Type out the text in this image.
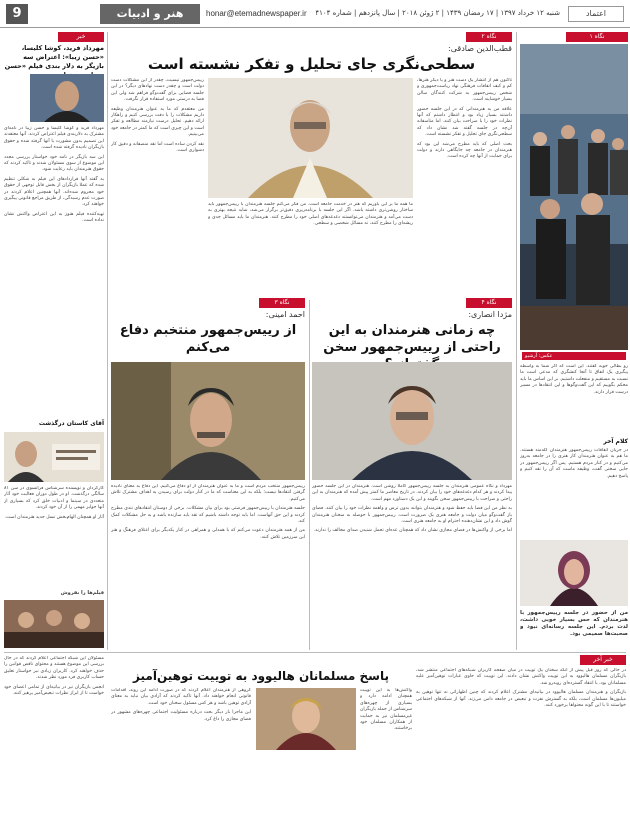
9	هنر و ادبیات	honar@etemadnewspaper.ir شنبه ۱۲ خرداد ۱۳۹۷ | ۱۷ رمضان ۱۴۳۹ | ۲ ژوئن ۲۰۱۸ | سال پانزدهم | شماره ۴۱۰۴	اعتماد
نگاه ۱
عکس: آرشیو

رو بطالی خوبه گفتند. این است که اگر شما به واسطه پیگیری یک اتفاق تا آنجا کنشگری که مدعی است ما نسبت به مستقیم و منفعلت داشتیم. بر این اساس ما باید محکم بگوییم که این گفت‌وگوها و این انتقادها در مسیر درست قرار دارند.

کلام آخر

در جریان اتفاقات رییس‌جمهور هنرمندان گله‌مند هستند. ما هم به عنوان هنرمندان کار هنری را در جامعه به‌روز می‌کنیم و در کنار مردم هستیم. پس اگر رییس‌جمهور در جایی سخنی گفت، وظیفه ماست که آن را نقد کنیم و پاسخ دهیم.

من از حضور در جلسه رییس‌جمهور با هنرمندان که حس بسیار خوبی داشت، لذت بردم. این جلسه رسانه‌ای نبود و صحبت‌ها صمیمی بود.

نگاه ۲
قطب‌الدین صادقی:
سطحی‌نگری جای تحلیل و تفکر نشسته است

تاکنون هم از انتشار یک دست هنر و یا دیگر هنرها، کم و کیف اتفاقات فرهنگی نهاد ریاست‌جمهوری و شخص رییس‌جمهور به شرکت کنندگان سالن بسیار خوشایند است.

علاقه من به هنرمندانی که در این جلسه حضور داشتند بسیار زیاد بود و انتظار داشتم که آنها نظرات خود را با صراحت بیان کنند. اما متاسفانه آن‌چه در جلسه گفته شد نشان داد که سطحی‌نگری جای تحلیل و تفکر نشسته است.

بحث اصلی که باید مطرح می‌شد این بود که هنرمندان در جامعه چه جایگاهی دارند و دولت برای حمایت از آنها چه کرده است.

ما همه ما بر این باوریم که هنر در خدمت جامعه است. من فکر می‌کنم جلسه هنرمندان با رییس‌جمهور باید ساختار روشن‌تری داشته باشد. اگر این جلسه با برنامه‌ریزی دقیق‌تر برگزار می‌شد، شاید نتیجه بهتری به دست می‌آمد و هنرمندان می‌توانستند دغدغه‌های اصلی خود را مطرح کنند. هنرمندان ما باید مسائل جدی و ریشه‌ای را مطرح کنند، نه مسائل شخصی و سطحی.

رییس‌جمهور تیسیت، چقدر از این مشکلات دست دولت است و چقدر دست نهادهای دیگر؟ در این جلسه فضایی برای گفت‌وگو فراهم شد ولی این فضا به درستی مورد استفاده قرار نگرفت.

من معتقدم که ما به عنوان هنرمندان وظیفه داریم مشکلات را با دقت بررسی کنیم و راهکار ارائه دهیم. تحلیل درست نیازمند مطالعه و تفکر است و این چیزی است که ما کمتر در جامعه خود می‌بینیم.

نقد کردن ساده است اما نقد منصفانه و دقیق کار دشواری است.

نگاه ۴
مژدا انصاری:
چه زمانی هنرمندان به این راحتی از رییس‌جمهور سخن

مهرداد و نگاه عمومی هنرمندان به جلسه رییس‌جمهور کاملا روشن است. هنرمندان در این جلسه حضور پیدا کردند و هر کدام دغدغه‌های خود را بیان کردند. در تاریخ معاصر ما کمتر پیش آمده که هنرمندان به این راحتی و صراحت با رییس‌جمهور سخن بگویند و این یک دستاورد مهم است.

به نظر من این فضا باید حفظ شود و هنرمندان بتوانند بدون ترس و واهمه نظرات خود را بیان کنند. فضای باز گفت‌وگو میان دولت و جامعه هنری یک ضرورت است. رییس‌جمهور با حوصله به سخنان هنرمندان گوش داد و این نشان‌دهنده احترام او به جامعه هنری است.

اما برخی از واکنش‌ها در فضای مجازی نشان داد که همچنان عده‌ای تحمل شنیدن صدای مخالف را ندارند.

نگاه ۳
احمد امینی:
از رییس‌جمهور منتخبم دفاع می‌کنم

رییس‌جمهور منتخب مردم است و ما به عنوان هنرمندان از او دفاع می‌کنیم. این دفاع به معنای نادیده گرفتن انتقادها نیست؛ بلکه به این معناست که ما در کنار دولت برای رسیدن به اهداف مشترک تلاش می‌کنیم.

جلسه هنرمندان با رییس‌جمهور فرصتی بود برای بیان مشکلات. برخی از دوستان انتقادهای تندی مطرح کردند و این حق آنهاست. اما باید توجه داشته باشیم که نقد باید سازنده باشد و به حل مشکلات کمک کند.

من از همه هنرمندان دعوت می‌کنم که با همدلی و همراهی در کنار یکدیگر برای اعتلای فرهنگ و هنر این سرزمین تلاش کنند.

خبر
مهرداد فرید، کوشا کلیسا، «حسن زیبا»: اعتراض سه بازیگر به دلار بندی فیلم «حسن

مهرداد فرید و کوشا کلیسا و حسن زیبا در نامه‌ای مشترک به دلاربندی فیلم اعتراض کردند. آنها معتقدند این تصمیم بدون مشورت با آنها گرفته شده و حقوق بازیگران نادیده گرفته شده است.

این سه بازیگر در نامه خود خواستار بررسی مجدد این موضوع از سوی مسئولان شدند و تاکید کردند که حقوق هنرمندان باید رعایت شود.

به گفته آنها قراردادهای این فیلم به شکلی تنظیم شده که عملا بازیگران از بخش قابل توجهی از حقوق خود محروم شده‌اند. آنها همچنین اعلام کردند در صورت عدم رسیدگی، از طریق مراجع قانونی پیگیری خواهند کرد.

تهیه‌کننده فیلم هنوز به این اعتراض واکنش نشان نداده است.

آقای کاستان درگذشت

کارگردان و نویسنده سرشناس فرانسوی در سن ۸۱ سالگی درگذشت. او در طول دوران فعالیت خود آثار متعددی در سینما و ادبیات خلق کرد که بسیاری از آنها جوایز مهمی را از آن خود کردند.

آثار او همچنان الهام‌بخش نسل جدید هنرمندان است.

فیلم‌ها را بفروش
خبر آخر
پاسخ مسلمانان هالیوود به توییت توهین‌آمیز	در حالی که روز قبل پیش از آنکه سخنان یک توییت در میان صفحه کاربران شبکه‌های اجتماعی منتشر شد، بازیگران مسلمان هالیوود به این توییت واکنش نشان دادند. این توییت که حاوی عبارات توهین‌آمیز علیه مسلمانان بود، با انتقاد گسترده‌ای روبه‌رو شد.

بازیگران و هنرمندان مسلمان هالیوود در بیانیه‌ای مشترک اعلام کردند که چنین اظهاراتی نه تنها توهین به میلیون‌ها مسلمان است، بلکه به گسترش نفرت و تبعیض در جامعه دامن می‌زند. آنها از شبکه‌های اجتماعی خواستند تا با این گونه محتواها برخورد کنند.

واکنش‌ها به این توییت همچنان ادامه دارد و بسیاری از چهره‌های سرشناس از جمله بازیگران غیرمسلمان نیز به حمایت از همکاران مسلمان خود برخاستند.

گروهی از هنرمندان اعلام کردند که در صورت ادامه این روند، اقدامات قانونی انجام خواهند داد. آنها تاکید کردند که آزادی بیان نباید به معنای آزادی توهین باشد و هر کس مسئول سخنان خود است.

این ماجرا بار دیگر بحث درباره مسئولیت اجتماعی چهره‌های مشهور در فضای مجازی را داغ کرد.

مسئولان این شبکه اجتماعی اعلام کردند که در حال بررسی این موضوع هستند و محتوای ناقض قوانین را حذف خواهند کرد. کاربران زیادی نیز خواستار تعلیق حساب کاربری فرد مورد نظر شدند.

انجمن بازیگران نیز در بیانیه‌ای از تمامی اعضای خود خواست تا از ابراز نظرات تبعیض‌آمیز پرهیز کنند.
